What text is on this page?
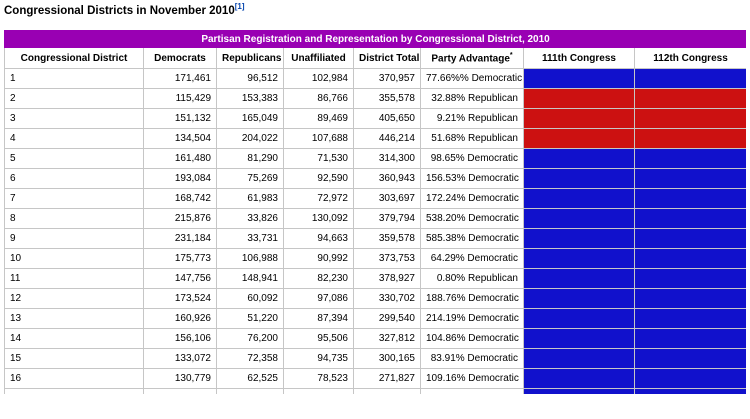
Congressional Districts in November 2010[1]
Partisan Registration and Representation by Congressional District, 2010							
Congressional District	Democrats	Republicans	Unaffiliated	District Total	Party Advantage*	111th Congress	112th Congress
1	171,461	96,512	102,984	370,957	77.66%% Democratic		
2	115,429	153,383	86,766	355,578	32.88% Republican		
3	151,132	165,049	89,469	405,650	9.21% Republican		
4	134,504	204,022	107,688	446,214	51.68% Republican		
5	161,480	81,290	71,530	314,300	98.65% Democratic		
6	193,084	75,269	92,590	360,943	156.53% Democratic		
7	168,742	61,983	72,972	303,697	172.24% Democratic		
8	215,876	33,826	130,092	379,794	538.20% Democratic		
9	231,184	33,731	94,663	359,578	585.38% Democratic		
10	175,773	106,988	90,992	373,753	64.29% Democratic		
11	147,756	148,941	82,230	378,927	0.80% Republican		
12	173,524	60,092	97,086	330,702	188.76% Democratic		
13	160,926	51,220	87,394	299,540	214.19% Democratic		
14	156,106	76,200	95,506	327,812	104.86% Democratic		
15	133,072	72,358	94,735	300,165	83.91% Democratic		
16	130,779	62,525	78,523	271,827	109.16% Democratic		
